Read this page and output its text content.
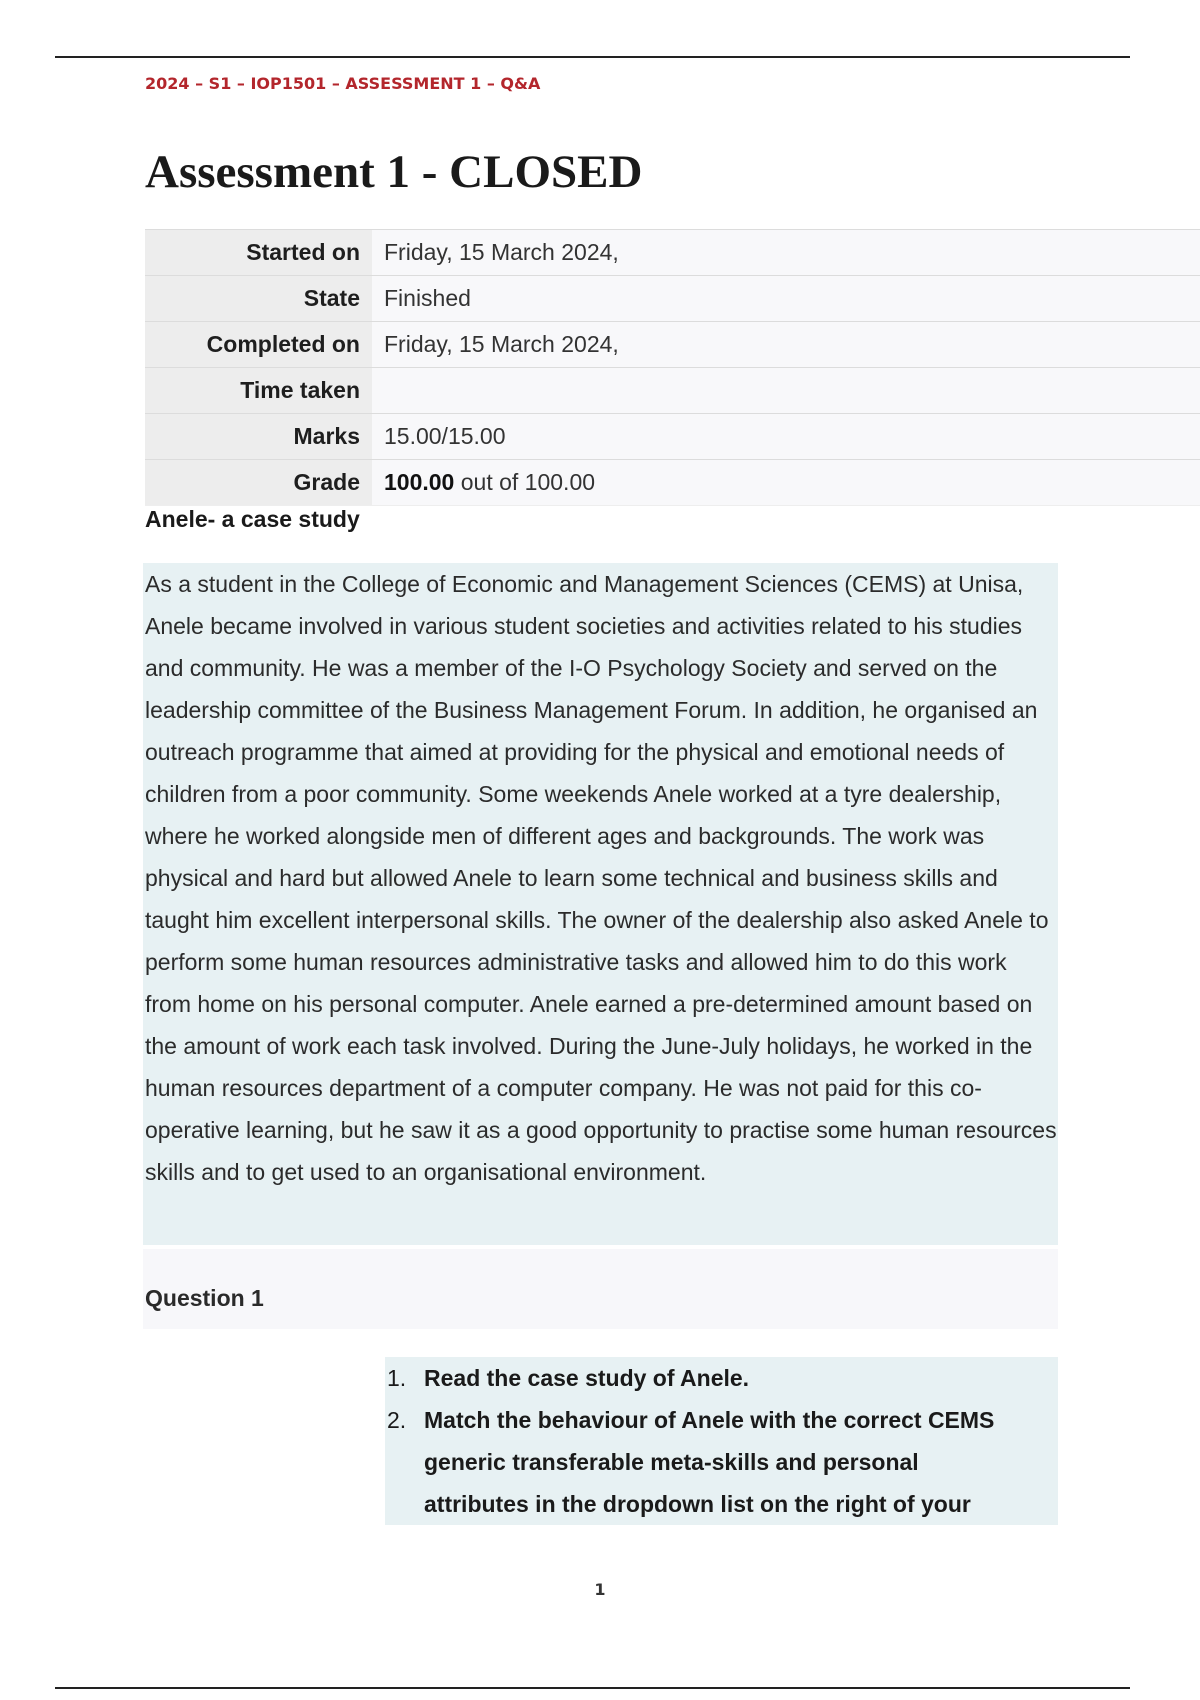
2024 – S1 – IOP1501 – ASSESSMENT 1 – Q&A
Assessment 1 - CLOSED
Started on	Friday, 15 March 2024,
State	Finished
Completed on	Friday, 15 March 2024,
Time taken	
Marks	15.00/15.00
Grade	100.00 out of 100.00
Anele- a case study

As a student in the College of Economic and Management Sciences (CEMS) at Unisa, Anele became involved in various student societies and activities related to his studies and community. He was a member of the I-O Psychology Society and served on the leadership committee of the Business Management Forum. In addition, he organised an outreach programme that aimed at providing for the physical and emotional needs of children from a poor community. Some weekends Anele worked at a tyre dealership, where he worked alongside men of different ages and backgrounds. The work was physical and hard but allowed Anele to learn some technical and business skills and taught him excellent interpersonal skills. The owner of the dealership also asked Anele to perform some human resources administrative tasks and allowed him to do this work from home on his personal computer. Anele earned a pre-determined amount based on the amount of work each task involved. During the June-July holidays, he worked in the human resources department of a computer company. He was not paid for this co-operative learning, but he saw it as a good opportunity to practise some human resources skills and to get used to an organisational environment.

Question 1
1. Read the case study of Anele.
2. Match the behaviour of Anele with the correct CEMS generic transferable meta-skills and personal attributes in the dropdown list on the right of your
1
